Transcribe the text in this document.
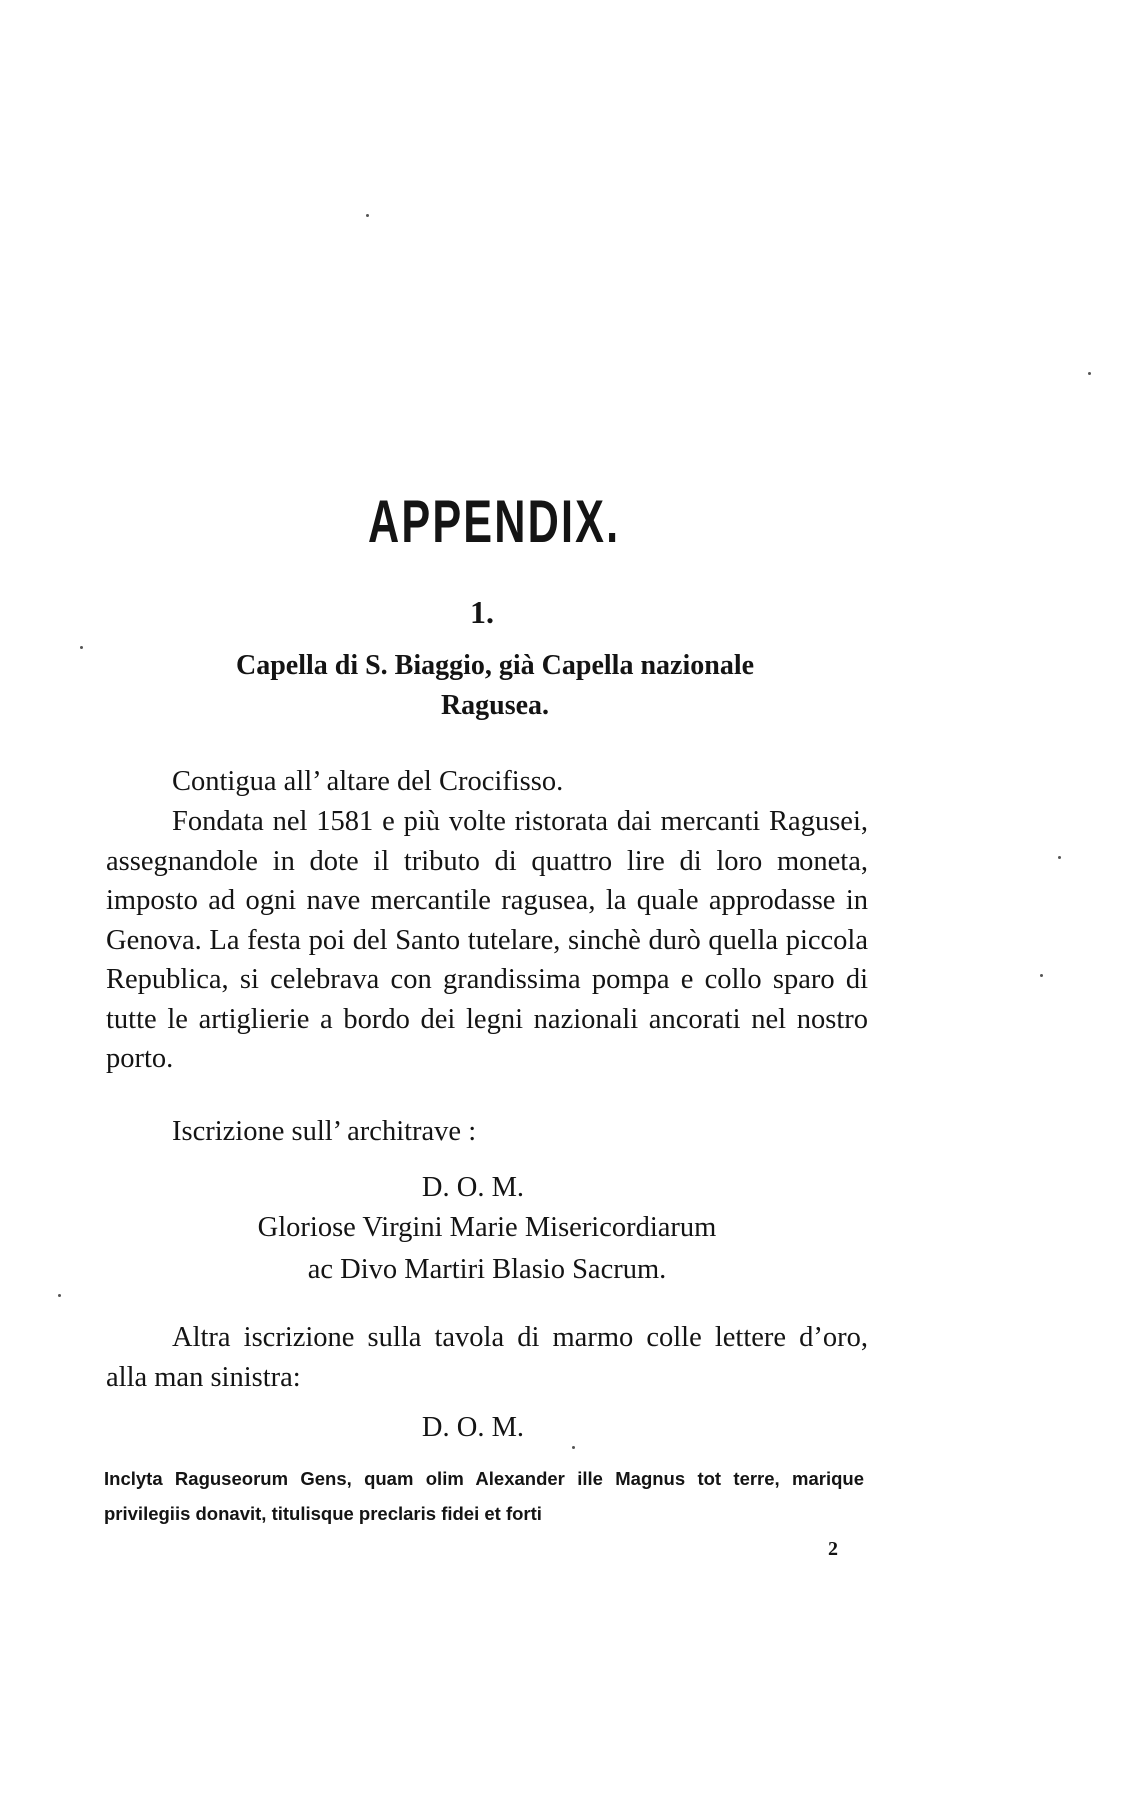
APPENDIX.
1.
Capella di S. Biaggio, già Capella nazionale
Ragusea.

Contigua all’ altare del Crocifisso.

Fondata nel 1581 e più volte ristorata dai mercanti Ragusei, assegnandole in dote il tributo di quattro lire di loro moneta, imposto ad ogni nave mercantile ragusea, la quale approdasse in Genova. La festa poi del Santo tutelare, sinchè durò quella piccola Republica, si celebrava con grandissima pompa e collo sparo di tutte le artiglierie a bordo dei legni nazionali ancorati nel nostro porto.

Iscrizione sull’ architrave :

D. O. M.

Gloriose Virgini Marie Misericordiarum

ac Divo Martiri Blasio Sacrum.

Altra iscrizione sulla tavola di marmo colle lettere d’oro, alla man sinistra:

D. O. M.

Inclyta Raguseorum Gens, quam olim Alexander ille Magnus tot terre, marique privilegiis donavit, titulisque preclaris fidei et forti

2
